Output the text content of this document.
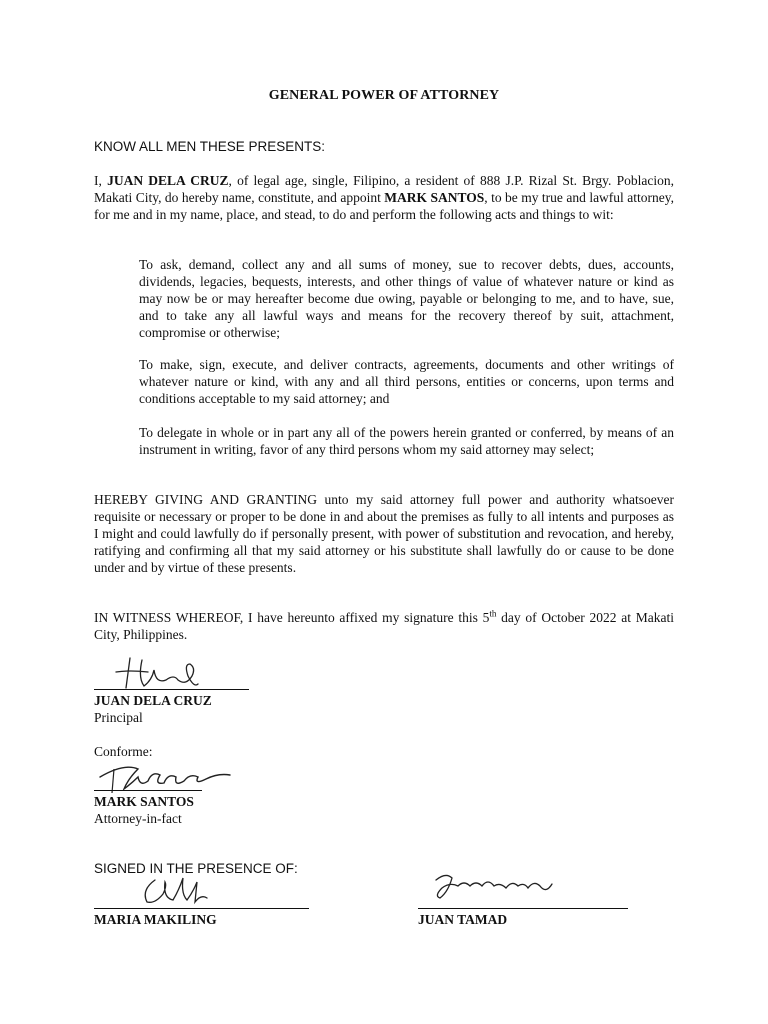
GENERAL POWER OF ATTORNEY
KNOW ALL MEN THESE PRESENTS:
I, JUAN DELA CRUZ, of legal age, single, Filipino, a resident of 888 J.P. Rizal St. Brgy. Poblacion, Makati City, do hereby name, constitute, and appoint MARK SANTOS, to be my true and lawful attorney, for me and in my name, place, and stead, to do and perform the following acts and things to wit:
To ask, demand, collect any and all sums of money, sue to recover debts, dues, accounts, dividends, legacies, bequests, interests, and other things of value of whatever nature or kind as may now be or may hereafter become due owing, payable or belonging to me, and to have, sue, and to take any all lawful ways and means for the recovery thereof by suit, attachment, compromise or otherwise;
To make, sign, execute, and deliver contracts, agreements, documents and other writings of whatever nature or kind, with any and all third persons, entities or concerns, upon terms and conditions acceptable to my said attorney; and
To delegate in whole or in part any all of the powers herein granted or conferred, by means of an instrument in writing, favor of any third persons whom my said attorney may select;
HEREBY GIVING AND GRANTING unto my said attorney full power and authority whatsoever requisite or necessary or proper to be done in and about the premises as fully to all intents and purposes as I might and could lawfully do if personally present, with power of substitution and revocation, and hereby, ratifying and confirming all that my said attorney or his substitute shall lawfully do or cause to be done under and by virtue of these presents.
IN WITNESS WHEREOF, I have hereunto affixed my signature this 5th day of October 2022 at Makati City, Philippines.
JUAN DELA CRUZ
Principal
Conforme:
MARK SANTOS
Attorney-in-fact
SIGNED IN THE PRESENCE OF:
MARIA MAKILING	JUAN TAMAD
